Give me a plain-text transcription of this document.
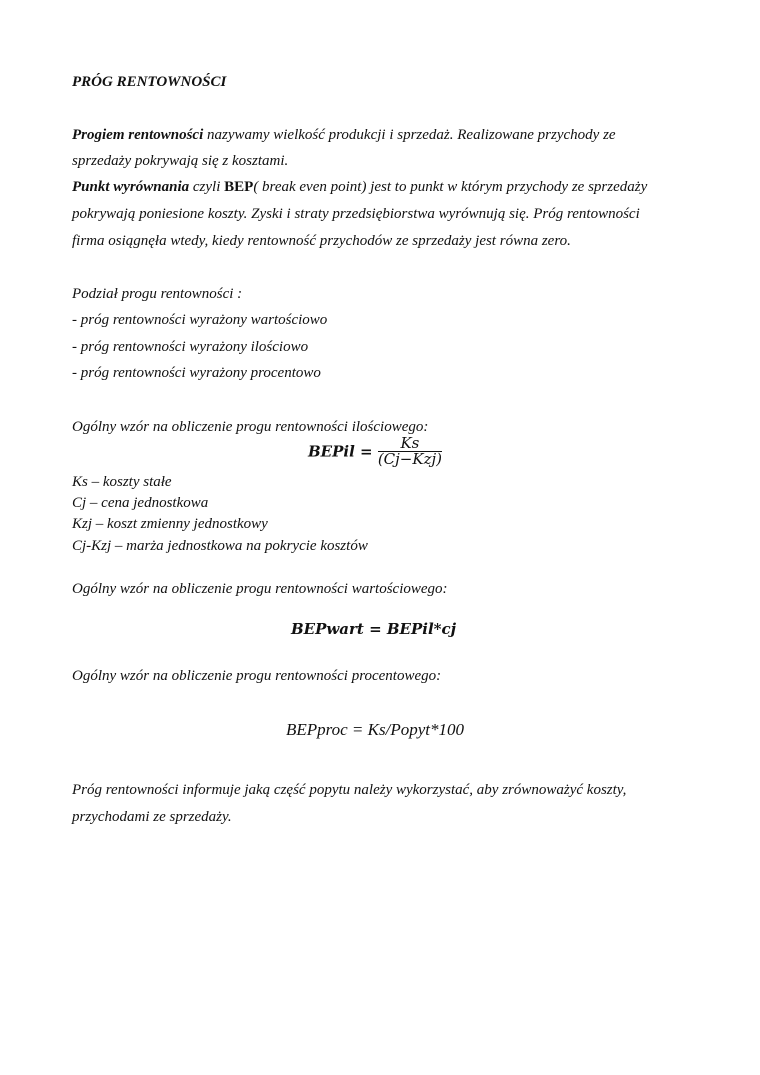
PRÓG RENTOWNOŚCI
Progiem rentowności nazywamy wielkość produkcji i sprzedaż. Realizowane przychody ze
sprzedaży pokrywają się z kosztami.
Punkt wyrównania czyli BEP( break even point) jest to punkt w którym przychody ze sprzedaży
pokrywają poniesione koszty. Zyski i straty przedsiębiorstwa wyrównują się. Próg rentowności
firma osiągnęła wtedy, kiedy rentowność przychodów ze sprzedaży jest równa zero.
Podział progu rentowności :
- próg rentowności wyrażony wartościowo
- próg rentowności wyrażony ilościowo
- próg rentowności wyrażony procentowo
Ogólny wzór na obliczenie progu rentowności ilościowego:
BEPil = $\frac{Ks}{\text{(Cj−Kzj)}}$
Ks – koszty stałe
Cj – cena jednostkowa
Kzj – koszt zmienny jednostkowy
Cj-Kzj – marża jednostkowa na pokrycie kosztów
Ogólny wzór na obliczenie progu rentowności wartościowego:
BEPwart = BEPil*cj
Ogólny wzór na obliczenie progu rentowności procentowego:
BEPproc = Ks/Popyt*100
Próg rentowności informuje jaką część popytu należy wykorzystać, aby zrównoważyć koszty,
przychodami ze sprzedaży.
